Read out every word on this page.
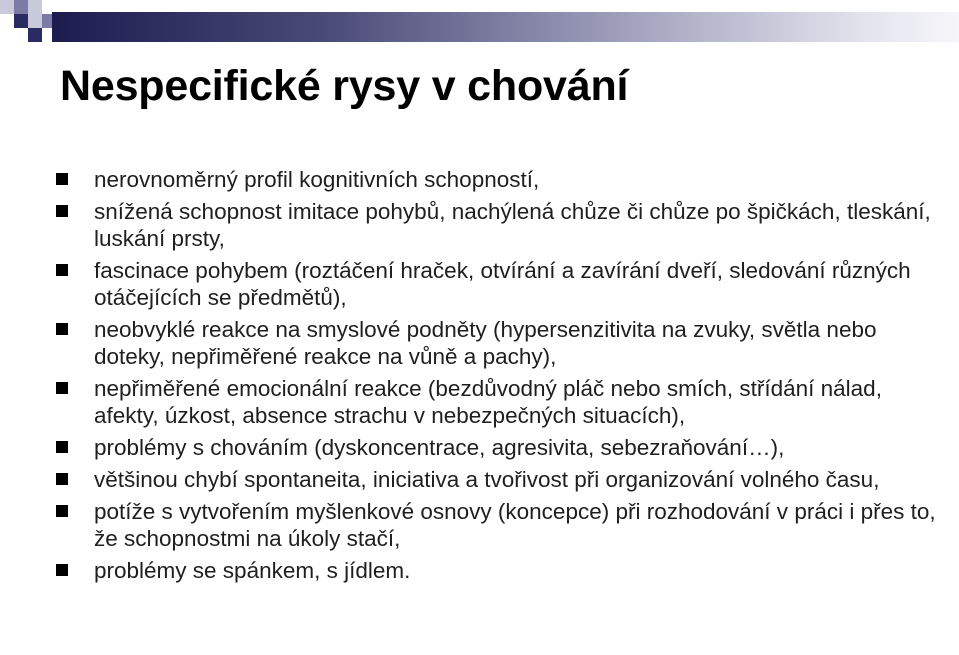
Nespecifické rysy v chování
nerovnoměrný profil kognitivních schopností,
snížená schopnost imitace pohybů, nachýlená chůze či chůze po špičkách, tleskání, luskání prsty,
fascinace pohybem (roztáčení hraček, otvírání a zavírání dveří, sledování různých otáčejících se předmětů),
neobvyklé reakce na smyslové podněty (hypersenzitivita na zvuky, světla nebo doteky, nepřiměřené reakce na vůně a pachy),
nepřiměřené emocionální reakce (bezdůvodný pláč nebo smích, střídání nálad, afekty, úzkost, absence strachu v nebezpečných situacích),
problémy s chováním (dyskoncentrace, agresivita, sebezraňování…),
většinou chybí spontaneita, iniciativa a tvořivost při organizování volného času,
potíže s vytvořením myšlenkové osnovy (koncepce) při rozhodování v práci i přes to, že schopnostmi na úkoly stačí,
problémy se spánkem, s jídlem.
